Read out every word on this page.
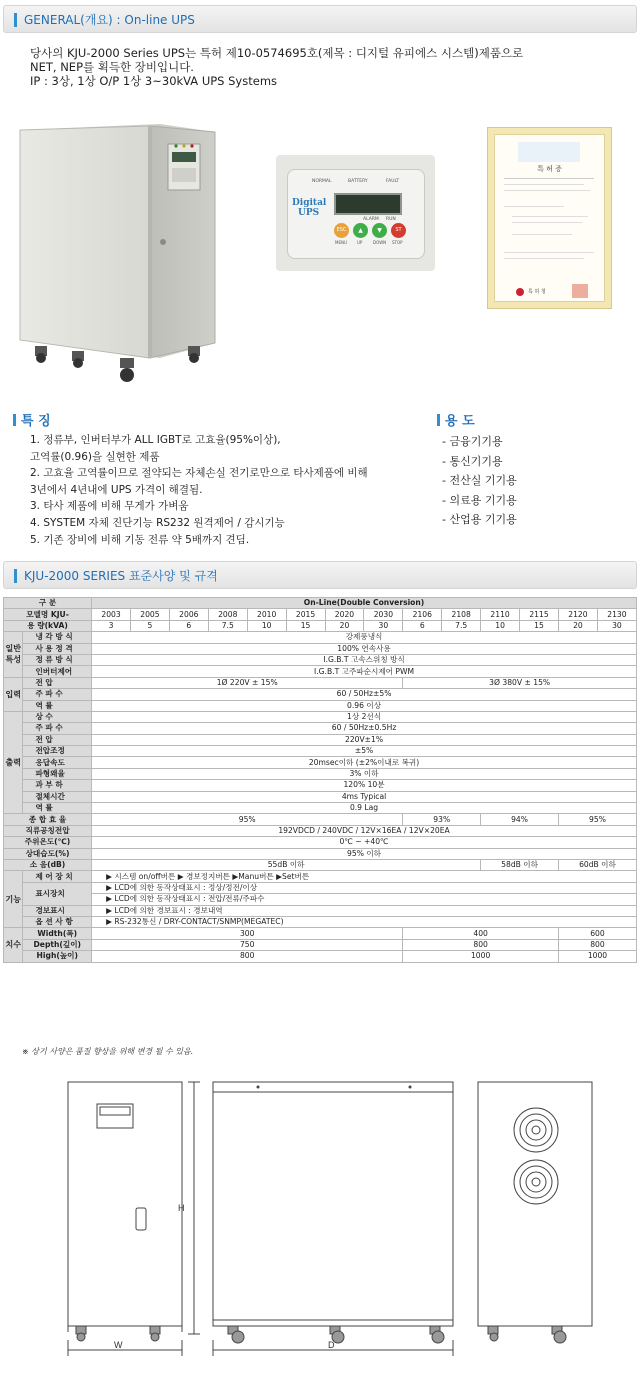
GENERAL(개요) : On-line UPS
당사의 KJU-2000 Series UPS는 특허 제10-0574695호(제목 : 디지털 유피에스 시스템)제품으로
NET, NEP를 획득한 장비입니다.
IP : 3상, 1상 O/P 1상 3~30kVA UPS Systems
NORMAL	BATTERY	FAULT
Digital
UPS
ALARM RUN
ESC	▲	▼	ST
MENU	UP	DOWN STOP
특 허 증
특 허 청
특 징
1. 정류부, 인버터부가 ALL IGBT로 고효율(95%이상),
고역률(0.96)을 실현한 제품
2. 고효율 고역률이므로 절약되는 자체손실 전기로만으로 타사제품에 비해
3년에서 4년내에 UPS 가격이 해결됨.
3. 타사 제품에 비해 무게가 가벼움
4. SYSTEM 자체 진단기능 RS232 원격제어 / 감시기능
5. 기존 장비에 비해 기동 전류 약 5배까지 견딤.
용 도
- 금융기기용
- 통신기기용
- 전산실 기기용
- 의료용 기기용
- 산업용 기기용
KJU-2000 SERIES 표준사양 및 규격
구 분		On-Line(Double Conversion)													
모델명 KJU-		2003	2005	2006	2008	2010	2015	2020	2030	2106	2108	2110	2115	2120	2130
용 량(kVA)		3	5	6	7.5	10	15	20	30	6	7.5	10	15	20	30
일반특성	냉 각 방 식	강제풍냉식													
	사 용 정 격	100% 연속사용													
	정 류 방 식	I.G.B.T 고속스위칭 방식													
	인버터제어	I.G.B.T 고주파순시제어 PWM													
입력	전 압	1Ø 220V ± 15%								3Ø 380V ± 15%					
	주 파 수	60 / 50Hz±5%													
	역 률	0.96 이상													
출력	상 수	1상 2선식													
	주 파 수	60 / 50Hz±0.5Hz													
	전 압	220V±1%													
	전압조정	±5%													
	응답속도	20msec이하 (±2%이내로 복귀)													
	파형왜율	3% 이하													
	과 부 하	120% 10분													
	절체시간	4ms Typical													
	역 률	0.9 Lag													
종 합 효 율		95%								93%		94%		95%	
직류공칭전압		192VDCD / 240VDC / 12V×16EA / 12V×20EA													
주위온도(℃)		0℃ ~ +40℃													
상대습도(%)		95% 이하													
소 음(dB)		55dB 이하										58dB 이하		60dB 이하	
기능	제 어 장 치	▶ 시스템 on/off버튼 ▶ 경보정지버튼 ▶Manu버튼 ▶Set버튼													
	표시장치	▶ LCD에 의한 동작상태표시 : 정상/정전/이상													
		▶ LCD에 의한 동작상태표시 : 전압/전류/주파수													
	경보표시	▶ LCD에 의한 경보표시 : 경보내역													
	옵 션 사 항	▶ RS-232통신 / DRY-CONTACT/SNMP(MEGATEC)													
치수	Width(폭)	300								400				600	
	Depth(깊이)	750								800				800	
	High(높이)	800								1000				1000	
※ 상기 사양은 품질 향상을 위해 변경 될 수 있음.
H
W	D
